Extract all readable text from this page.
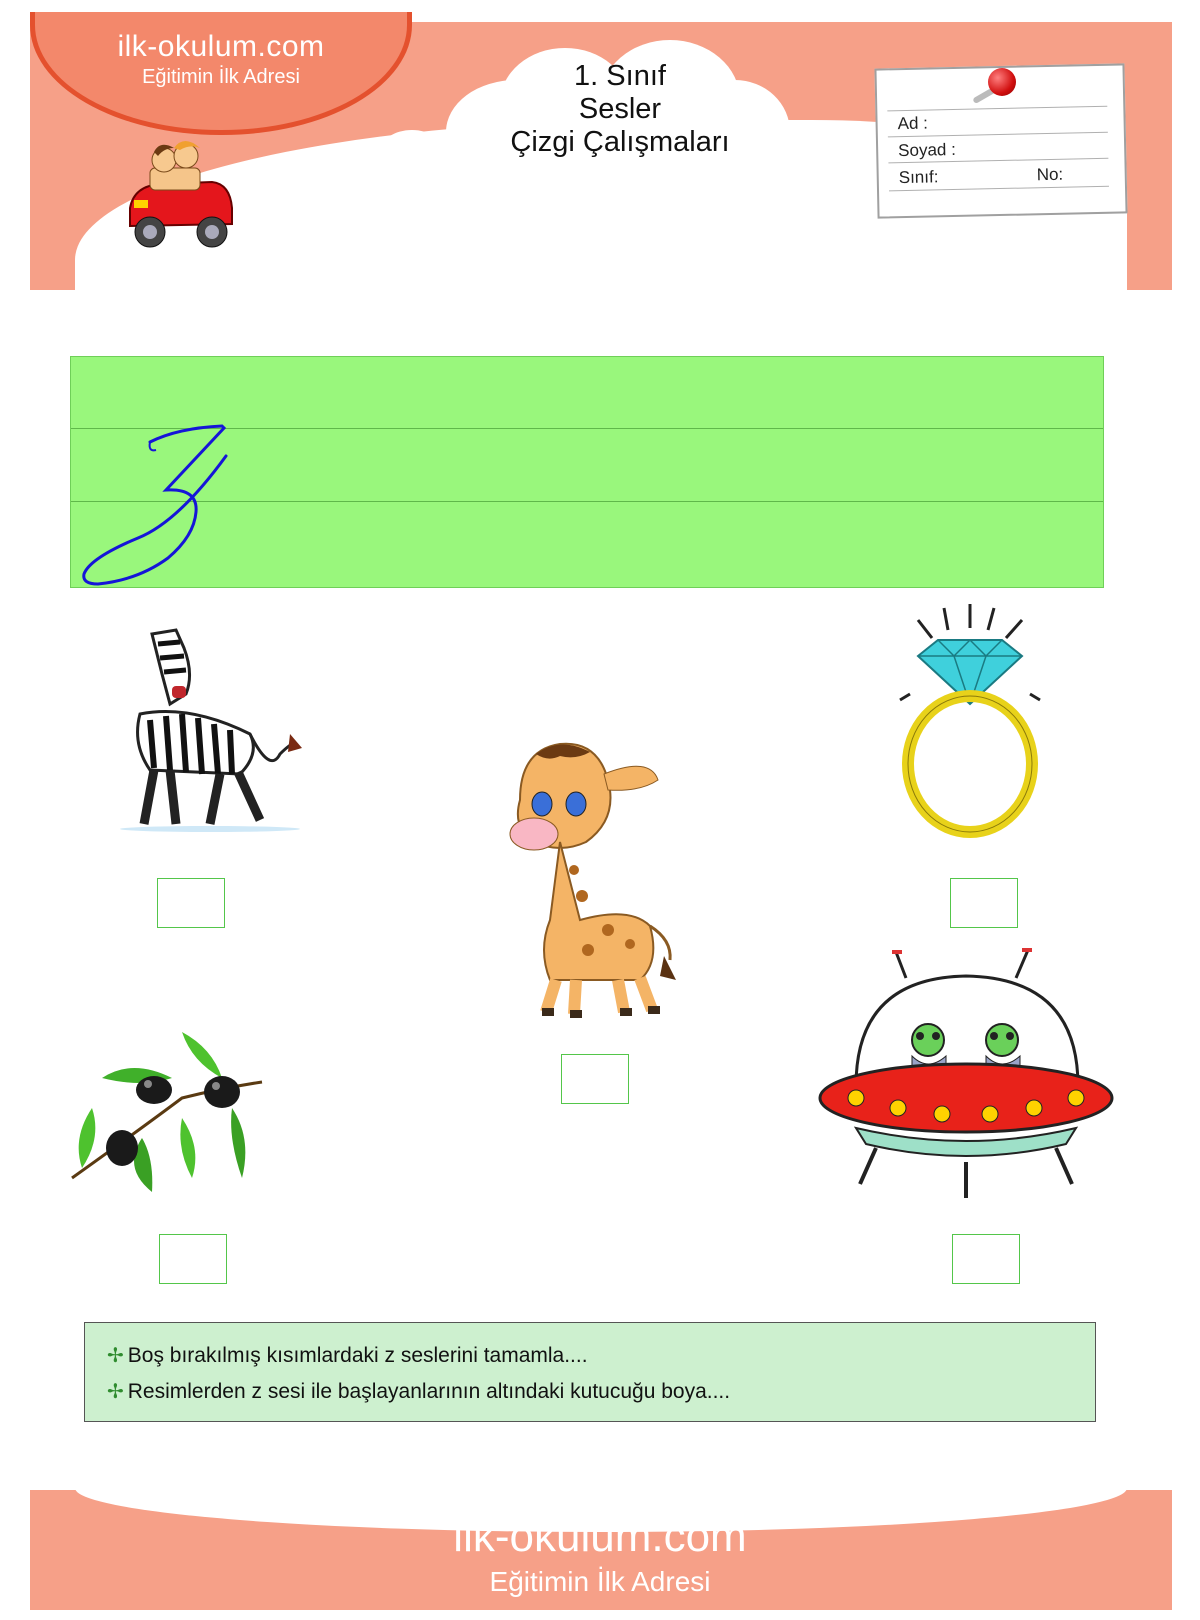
ilk-okulum.com
Eğitimin İlk Adresi	1. Sınıf
Sesler
Çizgi Çalışmaları
Ad :
Soyad :
Sınıf:	No:
✢ Boş bırakılmış kısımlardaki z seslerini tamamla....
✢ Resimlerden z sesi ile başlayanlarının altındaki kutucuğu boya....
ilk-okulum.com
Eğitimin İlk Adresi
